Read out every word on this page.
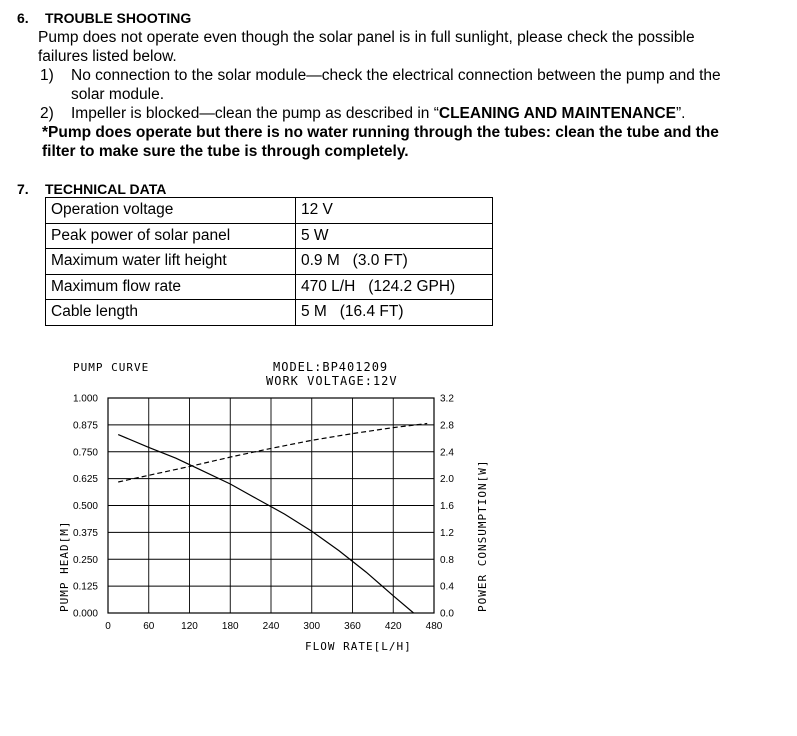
6. TROUBLE SHOOTING
Pump does not operate even though the solar panel is in full sunlight, please check the possible
failures listed below.
1) No connection to the solar module—check the electrical connection between the pump and the
solar module.
2) Impeller is blocked—clean the pump as described in “CLEANING AND MAINTENANCE”.
*Pump does operate but there is no water running through the tubes: clean the tube and the
filter to make sure the tube is through completely.
7. TECHNICAL DATA
Operation voltage	12 V
Peak power of solar panel	5 W
Maximum water lift height	0.9 M   (3.0 FT)
Maximum flow rate	470 L/H   (124.2 GPH)
Cable length	5 M   (16.4 FT)
PUMP CURVE	MODEL:BP401209
WORK VOLTAGE:12V
FLOW RATE[L/H]
PUMP HEAD[M]	POWER CONSUMPTION[W]
0	60	120 180 240 300 360 420 480
0.000
0.125
0.250
0.375
0.500
0.625
0.750
0.875
1.000
0.0
0.4
0.8
1.2
1.6
2.0
2.4
2.8
3.2
